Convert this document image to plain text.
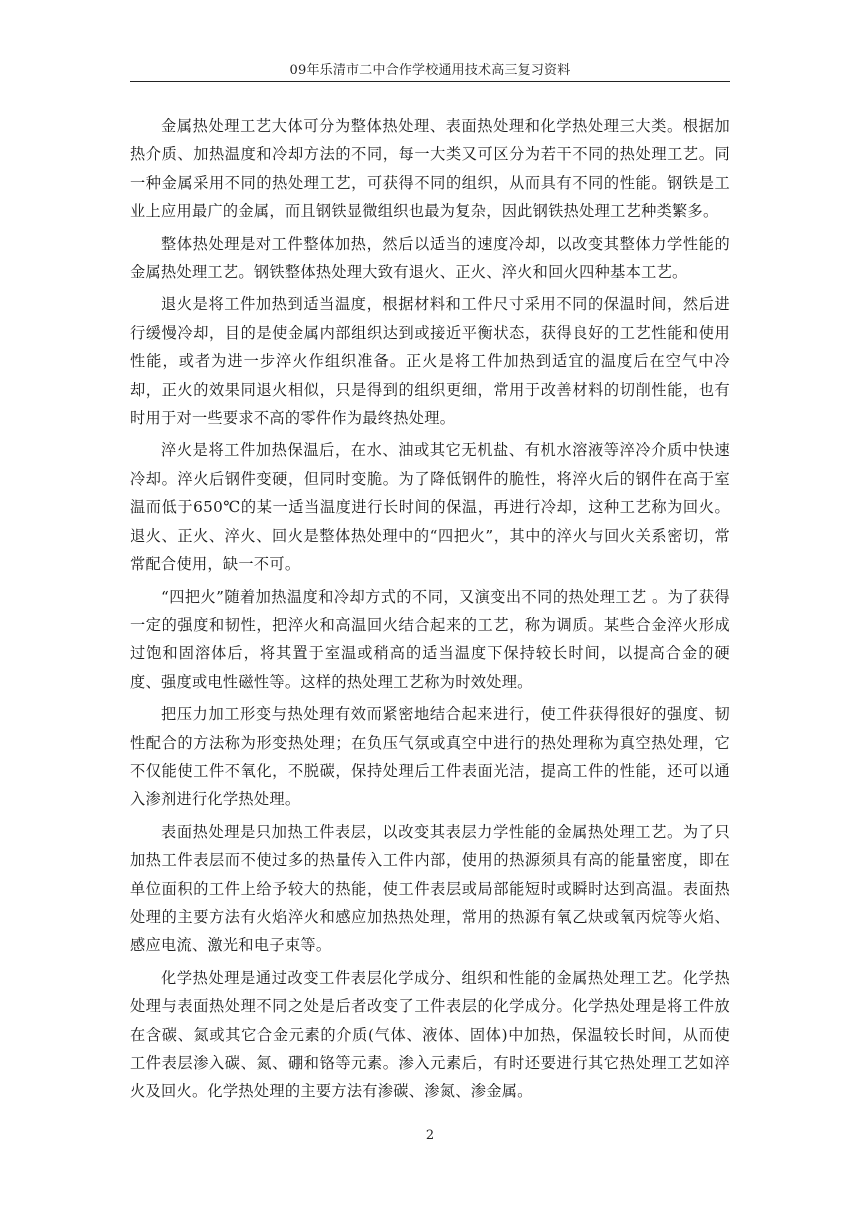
09年乐清市二中合作学校通用技术高三复习资料

金属热处理工艺大体可分为整体热处理、表面热处理和化学热处理三大类。根据加热介质、加热温度和冷却方法的不同，每一大类又可区分为若干不同的热处理工艺。同一种金属采用不同的热处理工艺，可获得不同的组织，从而具有不同的性能。钢铁是工业上应用最广的金属，而且钢铁显微组织也最为复杂，因此钢铁热处理工艺种类繁多。

整体热处理是对工件整体加热，然后以适当的速度冷却，以改变其整体力学性能的金属热处理工艺。钢铁整体热处理大致有退火、正火、淬火和回火四种基本工艺。

退火是将工件加热到适当温度，根据材料和工件尺寸采用不同的保温时间，然后进行缓慢冷却，目的是使金属内部组织达到或接近平衡状态，获得良好的工艺性能和使用性能，或者为进一步淬火作组织准备。正火是将工件加热到适宜的温度后在空气中冷却，正火的效果同退火相似，只是得到的组织更细，常用于改善材料的切削性能，也有时用于对一些要求不高的零件作为最终热处理。

淬火是将工件加热保温后，在水、油或其它无机盐、有机水溶液等淬冷介质中快速冷却。淬火后钢件变硬，但同时变脆。为了降低钢件的脆性，将淬火后的钢件在高于室温而低于650℃的某一适当温度进行长时间的保温，再进行冷却，这种工艺称为回火。退火、正火、淬火、回火是整体热处理中的“四把火”，其中的淬火与回火关系密切，常常配合使用，缺一不可。

“四把火”随着加热温度和冷却方式的不同，又演变出不同的热处理工艺 。为了获得一定的强度和韧性，把淬火和高温回火结合起来的工艺，称为调质。某些合金淬火形成过饱和固溶体后，将其置于室温或稍高的适当温度下保持较长时间，以提高合金的硬度、强度或电性磁性等。这样的热处理工艺称为时效处理。

把压力加工形变与热处理有效而紧密地结合起来进行，使工件获得很好的强度、韧性配合的方法称为形变热处理；在负压气氛或真空中进行的热处理称为真空热处理，它不仅能使工件不氧化，不脱碳，保持处理后工件表面光洁，提高工件的性能，还可以通入渗剂进行化学热处理。

表面热处理是只加热工件表层，以改变其表层力学性能的金属热处理工艺。为了只加热工件表层而不使过多的热量传入工件内部，使用的热源须具有高的能量密度，即在单位面积的工件上给予较大的热能，使工件表层或局部能短时或瞬时达到高温。表面热处理的主要方法有火焰淬火和感应加热热处理，常用的热源有氧乙炔或氧丙烷等火焰、感应电流、激光和电子束等。

化学热处理是通过改变工件表层化学成分、组织和性能的金属热处理工艺。化学热处理与表面热处理不同之处是后者改变了工件表层的化学成分。化学热处理是将工件放在含碳、氮或其它合金元素的介质(气体、液体、固体)中加热，保温较长时间，从而使工件表层渗入碳、氮、硼和铬等元素。渗入元素后，有时还要进行其它热处理工艺如淬火及回火。化学热处理的主要方法有渗碳、渗氮、渗金属。

2
